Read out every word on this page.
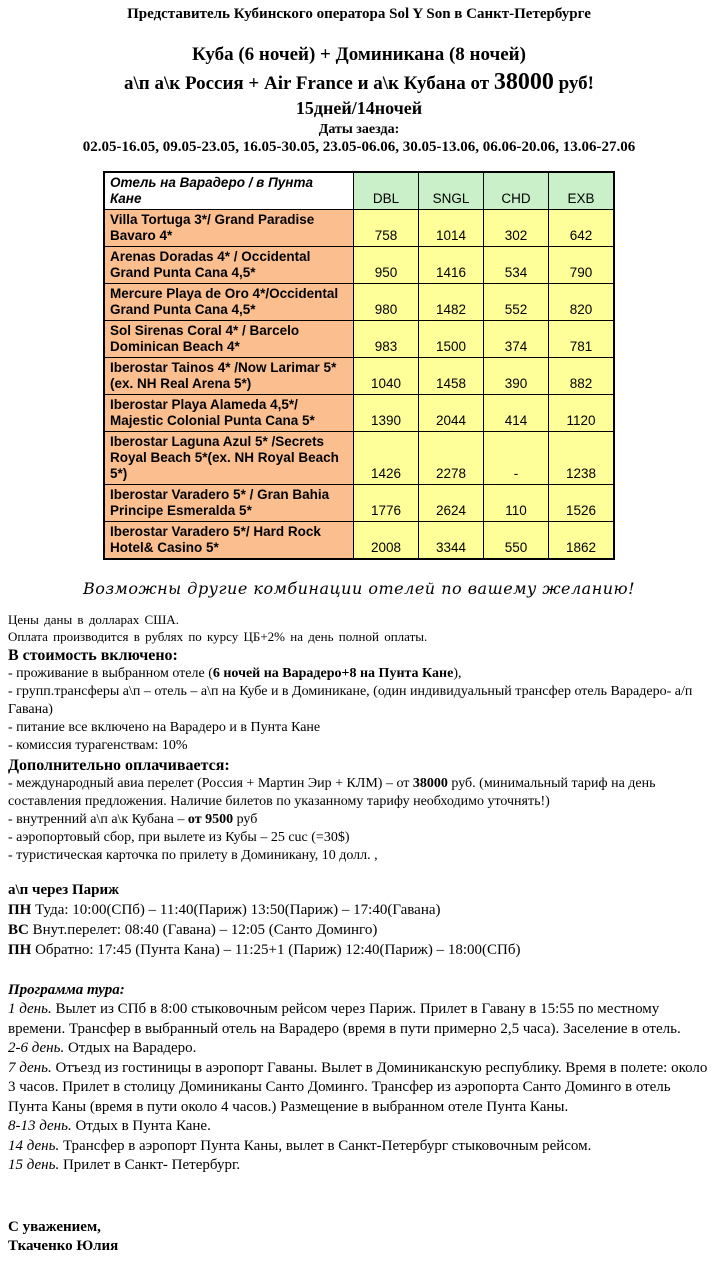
Представитель Кубинского оператора Sol Y Son в Санкт-Петербурге
Куба (6 ночей) + Доминикана (8 ночей)
а\п а\к Россия + Air France и а\к Кубана от 38000 руб!
15дней/14ночей
Даты заезда:
02.05-16.05, 09.05-23.05, 16.05-30.05, 23.05-06.06, 30.05-13.06, 06.06-20.06, 13.06-27.06
Отель на Варадеро / в Пунта Кане	DBL	SNGL	CHD	EXB
Villa Tortuga 3*/ Grand Paradise Bavaro 4*	758	1014	302	642
Arenas Doradas 4* / Occidental Grand Punta Cana 4,5*	950	1416	534	790
Mercure Playa de Oro 4*/Occidental Grand Punta Cana 4,5*	980	1482	552	820
Sol Sirenas Coral 4* / Barcelo Dominican Beach 4*	983	1500	374	781
Iberostar Tainos 4* /Now Larimar 5*(ex. NH Real Arena 5*)	1040	1458	390	882
Iberostar Playa Alameda 4,5*/ Majestic Colonial Punta Cana 5*	1390	2044	414	1120
Iberostar Laguna Azul 5* /Secrets Royal Beach 5*(ex. NH Royal Beach 5*)	1426	2278	-	1238
Iberostar Varadero 5* / Gran Bahia Principe Esmeralda 5*	1776	2624	110	1526
Iberostar Varadero 5*/ Hard Rock Hotel& Casino 5*	2008	3344	550	1862
Возможны другие комбинации отелей по вашему желанию!
Цены даны в долларах США.
Оплата производится в рублях по курсу ЦБ+2% на день полной оплаты.
В стоимость включено:
- проживание в выбранном отеле (6 ночей на Варадеро+8 на Пунта Кане),
- групп.трансферы а\п – отель – а\п на Кубе и в Доминикане, (один индивидуальный трансфер отель Варадеро- а/п Гавана)
- питание все включено на Варадеро и в Пунта Кане
- комиссия турагенствам: 10%
Дополнительно оплачивается:
- международный авиа перелет (Россия + Мартин Эир + КЛМ) – от 38000 руб. (минимальный тариф на день составления предложения. Наличие билетов по указанному тарифу необходимо уточнять!)
- внутренний а\п а\к Кубана – от 9500 руб
- аэропортовый сбор, при вылете из Кубы – 25 cuc (=30$)
- туристическая карточка по прилету в Доминикану, 10 долл. ,
а\п через Париж
ПН Туда: 10:00(СПб) – 11:40(Париж) 13:50(Париж) – 17:40(Гавана)
ВС Внут.перелет: 08:40 (Гавана) – 12:05 (Санто Доминго)
ПН Обратно: 17:45 (Пунта Кана) – 11:25+1 (Париж) 12:40(Париж) – 18:00(СПб)
Программа тура:
1 день. Вылет из СПб в 8:00 стыковочным рейсом через Париж. Прилет в Гавану в 15:55 по местному времени. Трансфер в выбранный отель на Варадеро (время в пути примерно 2,5 часа). Заселение в отель.
2-6 день. Отдых на Варадеро.
7 день. Отъезд из гостиницы в аэропорт Гаваны. Вылет в Доминиканскую республику. Время в полете: около 3 часов. Прилет в столицу Доминиканы Санто Доминго. Трансфер из аэропорта Санто Доминго в отель Пунта Каны (время в пути около 4 часов.) Размещение в выбранном отеле Пунта Каны.
8-13 день. Отдых в Пунта Кане.
14 день. Трансфер в аэропорт Пунта Каны, вылет в Санкт-Петербург стыковочным рейсом.
15 день. Прилет в Санкт- Петербург.
С уважением,
Ткаченко Юлия
